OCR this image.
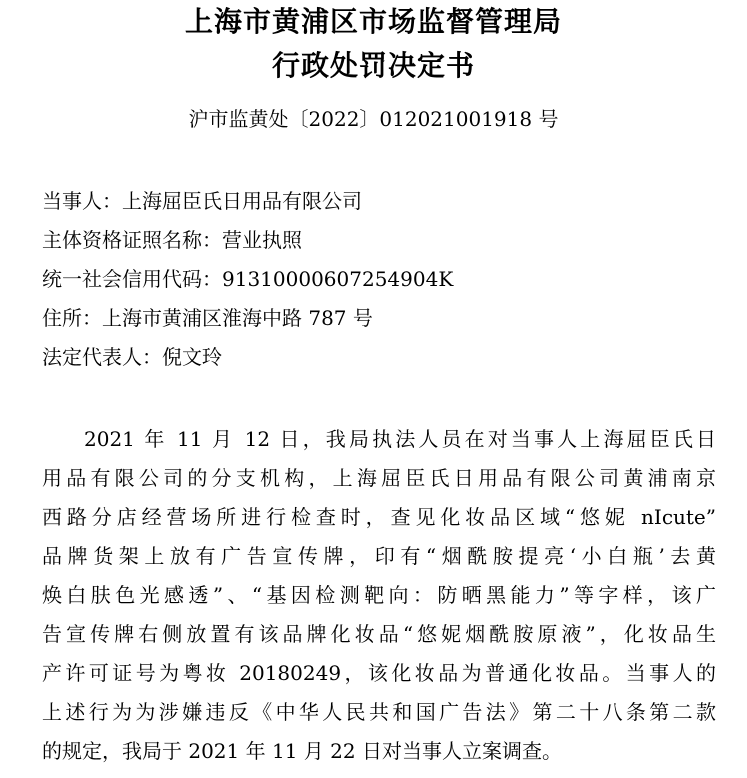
上海市黄浦区市场监督管理局
行政处罚决定书
沪市监黄处〔2022〕012021001918 号
当事人：上海屈臣氏日用品有限公司
主体资格证照名称：营业执照
统一社会信用代码：91310000607254904K
住所：上海市黄浦区淮海中路 787 号
法定代表人：倪文玲
2021 年 11 月 12 日，我局执法人员在对当事人上海屈臣氏日
用品有限公司的分支机构，上海屈臣氏日用品有限公司黄浦南京
西路分店经营场所进行检查时，查见化妆品区域“悠妮 nIcute”
品牌货架上放有广告宣传牌，印有“烟酰胺提亮‘小白瓶’去黄
焕白肤色光感透”、“基因检测靶向：防晒黑能力”等字样，该广
告宣传牌右侧放置有该品牌化妆品“悠妮烟酰胺原液”，化妆品生
产许可证号为粤妆 20180249，该化妆品为普通化妆品。当事人的
上述行为为涉嫌违反《中华人民共和国广告法》第二十八条第二款
的规定，我局于 2021 年 11 月 22 日对当事人立案调查。
